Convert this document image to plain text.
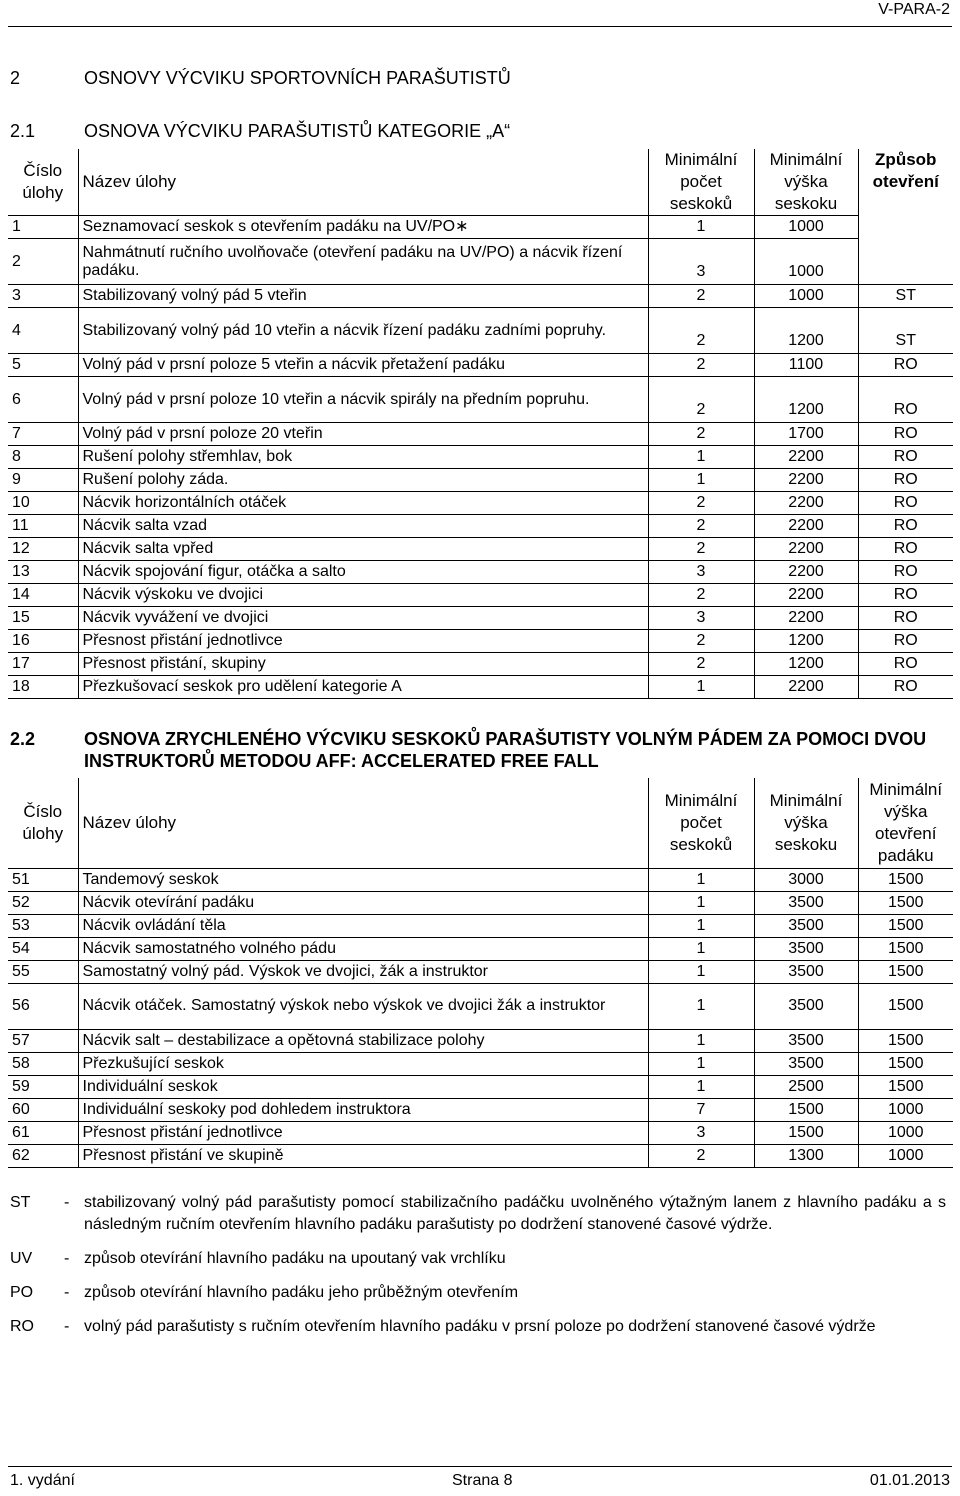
V-PARA-2
2	OSNOVY VÝCVIKU SPORTOVNÍCH PARAŠUTISTŮ
2.1	OSNOVA VÝCVIKU PARAŠUTISTŮ KATEGORIE „A“
Číslo úlohy	Název úlohy	Minimální počet seskoků	Minimální výška seskoku	Způsob otevření
1	Seznamovací seskok s otevřením padáku na UV/PO∗	1	1000	
2	Nahmátnutí ručního uvolňovače (otevření padáku na UV/PO) a nácvik řízení padáku.	3	1000	
3	Stabilizovaný volný pád 5 vteřin	2	1000	ST
4	Stabilizovaný volný pád 10 vteřin a nácvik řízení padáku zadními popruhy.	2	1200	ST
5	Volný pád v prsní poloze 5 vteřin a nácvik přetažení padáku	2	1100	RO
6	Volný pád v prsní poloze 10 vteřin a nácvik spirály na předním popruhu.	2	1200	RO
7	Volný pád v prsní poloze 20 vteřin	2	1700	RO
8	Rušení polohy střemhlav, bok	1	2200	RO
9	Rušení polohy záda.	1	2200	RO
10	Nácvik horizontálních otáček	2	2200	RO
11	Nácvik salta vzad	2	2200	RO
12	Nácvik salta vpřed	2	2200	RO
13	Nácvik spojování figur, otáčka a salto	3	2200	RO
14	Nácvik výskoku ve dvojici	2	2200	RO
15	Nácvik vyvážení ve dvojici	3	2200	RO
16	Přesnost přistání jednotlivce	2	1200	RO
17	Přesnost přistání, skupiny	2	1200	RO
18	Přezkušovací seskok pro udělení kategorie A	1	2200	RO
2.2	OSNOVA ZRYCHLENÉHO VÝCVIKU SESKOKŮ PARAŠUTISTY VOLNÝM PÁDEM ZA POMOCI DVOU INSTRUKTORŮ METODOU AFF: ACCELERATED FREE FALL
Číslo úlohy	Název úlohy	Minimální počet seskoků	Minimální výška seskoku	Minimální výška otevření padáku
51	Tandemový seskok	1	3000	1500
52	Nácvik otevírání padáku	1	3500	1500
53	Nácvik ovládání těla	1	3500	1500
54	Nácvik samostatného volného pádu	1	3500	1500
55	Samostatný volný pád. Výskok ve dvojici, žák a instruktor	1	3500	1500
56	Nácvik otáček. Samostatný výskok nebo výskok ve dvojici žák a instruktor	1	3500	1500
57	Nácvik salt – destabilizace a opětovná stabilizace polohy	1	3500	1500
58	Přezkušující seskok	1	3500	1500
59	Individuální seskok	1	2500	1500
60	Individuální seskoky pod dohledem instruktora	7	1500	1000
61	Přesnost přistání jednotlivce	3	1500	1000
62	Přesnost přistání ve skupině	2	1300	1000
ST	- stabilizovaný volný pád parašutisty pomocí stabilizačního padáčku uvolněného výtažným lanem z hlavního padáku a s následným ručním otevřením hlavního padáku parašutisty po dodržení stanovené časové výdrže.
UV	- způsob otevírání hlavního padáku na upoutaný vak vrchlíku
PO	- způsob otevírání hlavního padáku jeho průběžným otevřením
RO	- volný pád parašutisty s ručním otevřením hlavního padáku v prsní poloze po dodržení stanovené časové výdrže
1. vydání	Strana 8	01.01.2013
